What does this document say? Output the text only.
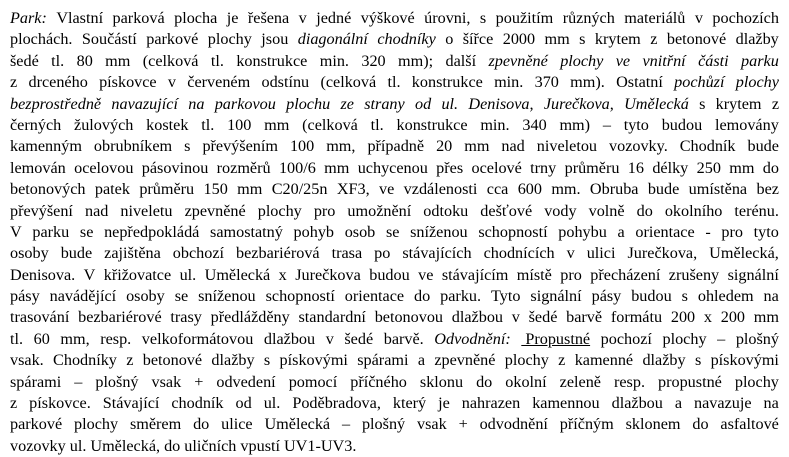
Park: Vlastní parková plocha je řešena v jedné výškové úrovni, s použitím různých materiálů v pochozích
plochách. Součástí parkové plochy jsou diagonální chodníky o šířce 2000 mm s krytem z betonové dlažby
šedé tl. 80 mm (celková tl. konstrukce min. 320 mm); další zpevněné plochy ve vnitřní části parku
z drceného pískovce v červeném odstínu (celková tl. konstrukce min. 370 mm). Ostatní pochůzí plochy
bezprostředně navazující na parkovou plochu ze strany od ul. Denisova, Jurečkova, Umělecká s krytem z
černých žulových kostek tl. 100 mm (celková tl. konstrukce min. 340 mm) – tyto budou lemovány
kamenným obrubníkem s převýšením 100 mm, případně 20 mm nad niveletou vozovky. Chodník bude
lemován ocelovou pásovinou rozměrů 100/6 mm uchycenou přes ocelové trny průměru 16 délky 250 mm do
betonových patek průměru 150 mm C20/25n XF3, ve vzdálenosti cca 600 mm. Obruba bude umístěna bez
převýšení nad niveletu zpevněné plochy pro umožnění odtoku dešťové vody volně do okolního terénu.
V parku se nepředpokládá samostatný pohyb osob se sníženou schopností pohybu a orientace - pro tyto
osoby bude zajištěna obchozí bezbariérová trasa po stávajících chodnících v ulici Jurečkova, Umělecká,
Denisova. V křižovatce ul. Umělecká x Jurečkova budou ve stávajícím místě pro přecházení zrušeny signální
pásy navádějící osoby se sníženou schopností orientace do parku. Tyto signální pásy budou s ohledem na
trasování bezbariérové trasy předlážděny standardní betonovou dlažbou v šedé barvě formátu 200 x 200 mm
tl. 60 mm, resp. velkoformátovou dlažbou v šedé barvě. Odvodnění: Propustné pochozí plochy – plošný
vsak. Chodníky z betonové dlažby s pískovými spárami a zpevněné plochy z kamenné dlažby s pískovými
spárami – plošný vsak + odvedení pomocí příčného sklonu do okolní zeleně resp. propustné plochy
z pískovce. Stávající chodník od ul. Poděbradova, který je nahrazen kamennou dlažbou a navazuje na
parkové plochy směrem do ulice Umělecká – plošný vsak + odvodnění příčným sklonem do asfaltové
vozovky ul. Umělecká, do uličních vpustí UV1-UV3.
